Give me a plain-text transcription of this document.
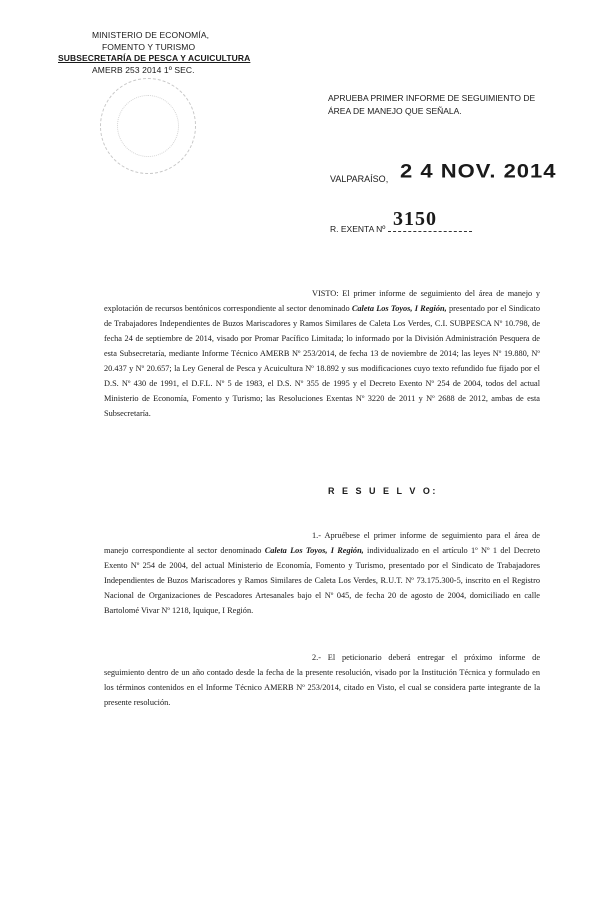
MINISTERIO DE ECONOMÍA,
FOMENTO Y TURISMO
SUBSECRETARÍA DE PESCA Y ACUICULTURA
AMERB 253 2014 1º SEC.
APRUEBA PRIMER INFORME DE SEGUIMIENTO DE ÁREA DE MANEJO QUE SEÑALA.
2 4 NOV. 2014
VALPARAÍSO,
3150
R. EXENTA Nº
VISTO: El primer informe de seguimiento del área de manejo y explotación de recursos bentónicos correspondiente al sector denominado Caleta Los Toyos, I Región, presentado por el Sindicato de Trabajadores Independientes de Buzos Mariscadores y Ramos Similares de Caleta Los Verdes, C.I. SUBPESCA Nº 10.798, de fecha 24 de septiembre de 2014, visado por Promar Pacífico Limitada; lo informado por la División Administración Pesquera de esta Subsecretaría, mediante Informe Técnico AMERB Nº 253/2014, de fecha 13 de noviembre de 2014; las leyes Nº 19.880, Nº 20.437 y Nº 20.657; la Ley General de Pesca y Acuicultura Nº 18.892 y sus modificaciones cuyo texto refundido fue fijado por el D.S. Nº 430 de 1991, el D.F.L. Nº 5 de 1983, el D.S. Nº 355 de 1995 y el Decreto Exento Nº 254 de 2004, todos del actual Ministerio de Economía, Fomento y Turismo; las Resoluciones Exentas Nº 3220 de 2011 y Nº 2688 de 2012, ambas de esta Subsecretaría.
R E S U E L V O:
1.- Apruébese el primer informe de seguimiento para el área de manejo correspondiente al sector denominado Caleta Los Toyos, I Región, individualizado en el artículo 1º Nº 1 del Decreto Exento Nº 254 de 2004, del actual Ministerio de Economía, Fomento y Turismo, presentado por el Sindicato de Trabajadores Independientes de Buzos Mariscadores y Ramos Similares de Caleta Los Verdes, R.U.T. Nº 73.175.300-5, inscrito en el Registro Nacional de Organizaciones de Pescadores Artesanales bajo el Nº 045, de fecha 20 de agosto de 2004, domiciliado en calle Bartolomé Vivar Nº 1218, Iquique, I Región.
2.- El peticionario deberá entregar el próximo informe de seguimiento dentro de un año contado desde la fecha de la presente resolución, visado por la Institución Técnica y formulado en los términos contenidos en el Informe Técnico AMERB Nº 253/2014, citado en Visto, el cual se considera parte integrante de la presente resolución.
